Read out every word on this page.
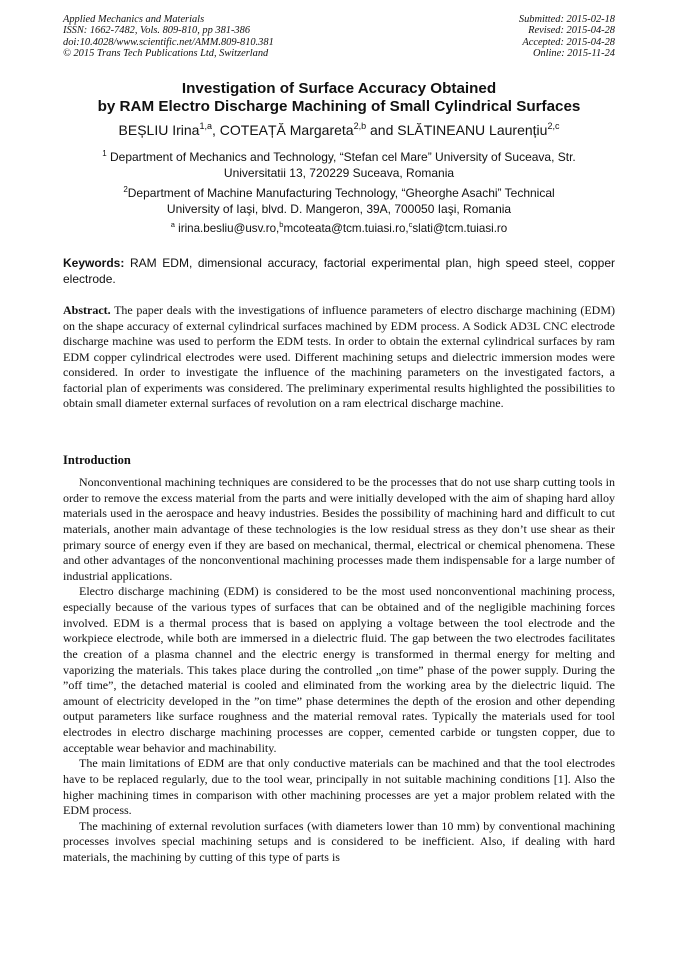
Applied Mechanics and Materials
ISSN: 1662-7482, Vols. 809-810, pp 381-386
doi:10.4028/www.scientific.net/AMM.809-810.381
© 2015 Trans Tech Publications Ltd, Switzerland
Submitted: 2015-02-18
Revised: 2015-04-28
Accepted: 2015-04-28
Online: 2015-11-24
Investigation of Surface Accuracy Obtained
by RAM Electro Discharge Machining of Small Cylindrical Surfaces
BEȘLIU Irina$^{1,a}$, COTEAȚĂ Margareta$^{2,b}$ and SLĂTINEANU Laurențiu$^{2,c}$
$^1$ Department of Mechanics and Technology, “Stefan cel Mare” University of Suceava, Str.
Universitatii 13, 720229 Suceava, Romania
$^2$Department of Machine Manufacturing Technology, “Gheorghe Asachi” Technical
University of Iaşi, blvd. D. Mangeron, 39A, 700050 Iaşi, Romania
$^a$ irina.besliu@usv.ro,$^b$mcoteata@tcm.tuiasi.ro,$^c$slati@tcm.tuiasi.ro
Keywords: RAM EDM, dimensional accuracy, factorial experimental plan, high speed steel, copper electrode.
Abstract. The paper deals with the investigations of influence parameters of electro discharge machining (EDM) on the shape accuracy of external cylindrical surfaces machined by EDM process. A Sodick AD3L CNC electrode discharge machine was used to perform the EDM tests. In order to obtain the external cylindrical surfaces by ram EDM copper cylindrical electrodes were used. Different machining setups and dielectric immersion modes were considered. In order to investigate the influence of the machining parameters on the investigated factors, a factorial plan of experiments was considered. The preliminary experimental results highlighted the possibilities to obtain small diameter external surfaces of revolution on a ram electrical discharge machine.
Introduction

Nonconventional machining techniques are considered to be the processes that do not use sharp cutting tools in order to remove the excess material from the parts and were initially developed with the aim of shaping hard alloy materials used in the aerospace and heavy industries. Besides the possibility of machining hard and difficult to cut materials, another main advantage of these technologies is the low residual stress as they don’t use shear as their primary source of energy even if they are based on mechanical, thermal, electrical or chemical phenomena. These and other advantages of the nonconventional machining processes made them indispensable for a large number of industrial applications.

Electro discharge machining (EDM) is considered to be the most used nonconventional machining process, especially because of the various types of surfaces that can be obtained and of the negligible machining forces involved. EDM is a thermal process that is based on applying a voltage between the tool electrode and the workpiece electrode, while both are immersed in a dielectric fluid. The gap between the two electrodes facilitates the creation of a plasma channel and the electric energy is transformed in thermal energy for melting and vaporizing the materials. This takes place during the controlled „on time” phase of the power supply. During the ”off time”, the detached material is cooled and eliminated from the working area by the dielectric liquid. The amount of electricity developed in the ”on time” phase determines the depth of the erosion and other depending output parameters like surface roughness and the material removal rates. Typically the materials used for tool electrodes in electro discharge machining processes are copper, cemented carbide or tungsten copper, due to acceptable wear behavior and machinability.

The main limitations of EDM are that only conductive materials can be machined and that the tool electrodes have to be replaced regularly, due to the tool wear, principally in not suitable machining conditions [1]. Also the higher machining times in comparison with other machining processes are yet a major problem related with the EDM process.

The machining of external revolution surfaces (with diameters lower than 10 mm) by conventional machining processes involves special machining setups and is considered to be inefficient. Also, if dealing with hard materials, the machining by cutting of this type of parts is
